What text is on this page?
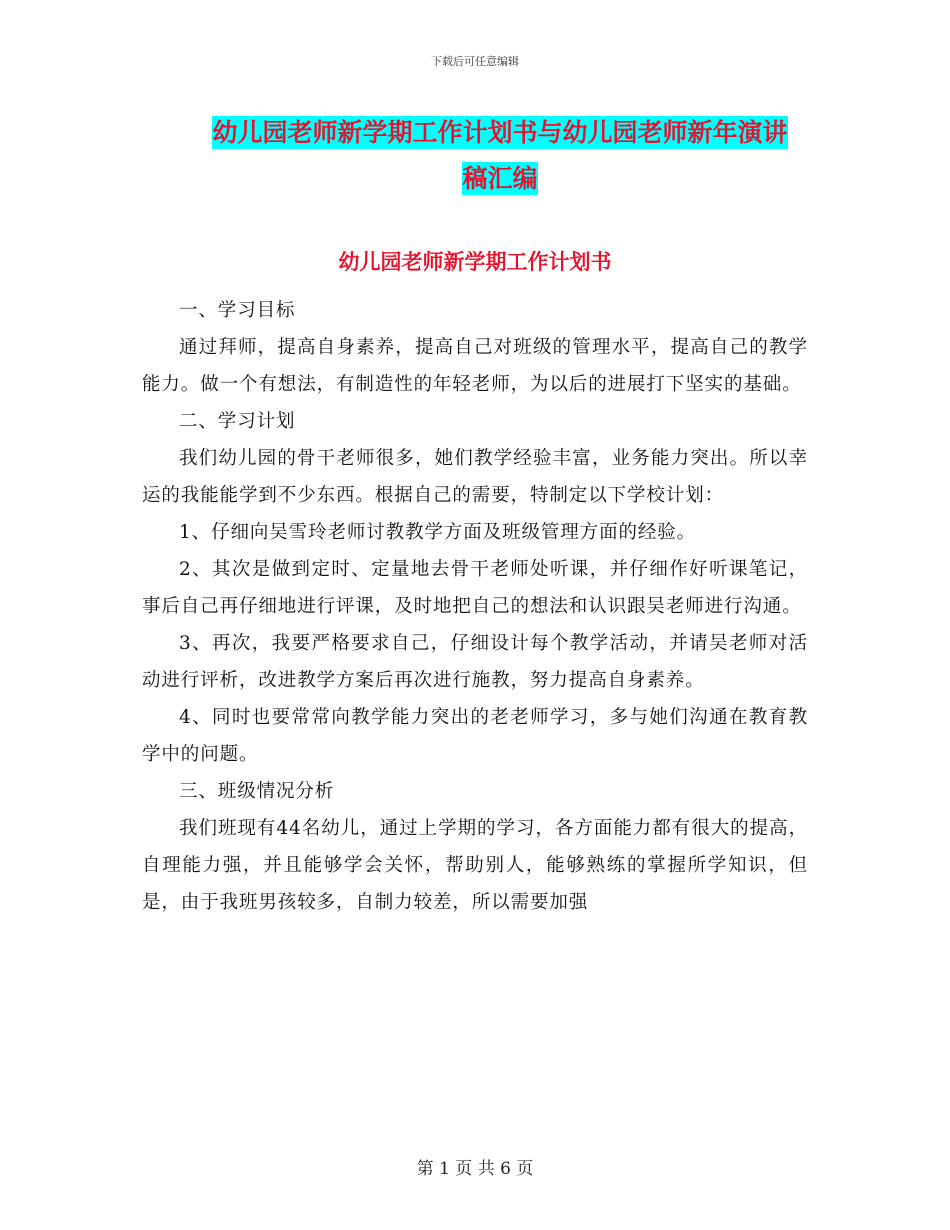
下载后可任意编辑
幼儿园老师新学期工作计划书与幼儿园老师新年演讲
稿汇编
幼儿园老师新学期工作计划书

一、学习目标

通过拜师，提高自身素养，提高自己对班级的管理水平，提高自己的教学能力。做一个有想法，有制造性的年轻老师，为以后的进展打下坚实的基础。

二、学习计划

我们幼儿园的骨干老师很多，她们教学经验丰富，业务能力突出。所以幸运的我能能学到不少东西。根据自己的需要，特制定以下学校计划：

1、仔细向吴雪玲老师讨教教学方面及班级管理方面的经验。

2、其次是做到定时、定量地去骨干老师处听课，并仔细作好听课笔记，事后自己再仔细地进行评课，及时地把自己的想法和认识跟吴老师进行沟通。

3、再次，我要严格要求自己，仔细设计每个教学活动，并请吴老师对活动进行评析，改进教学方案后再次进行施教，努力提高自身素养。

4、同时也要常常向教学能力突出的老老师学习，多与她们沟通在教育教学中的问题。

三、班级情况分析

我们班现有44名幼儿，通过上学期的学习，各方面能力都有很大的提高，自理能力强，并且能够学会关怀，帮助别人，能够熟练的掌握所学知识，但是，由于我班男孩较多，自制力较差，所以需要加强

第 1 页 共 6 页
